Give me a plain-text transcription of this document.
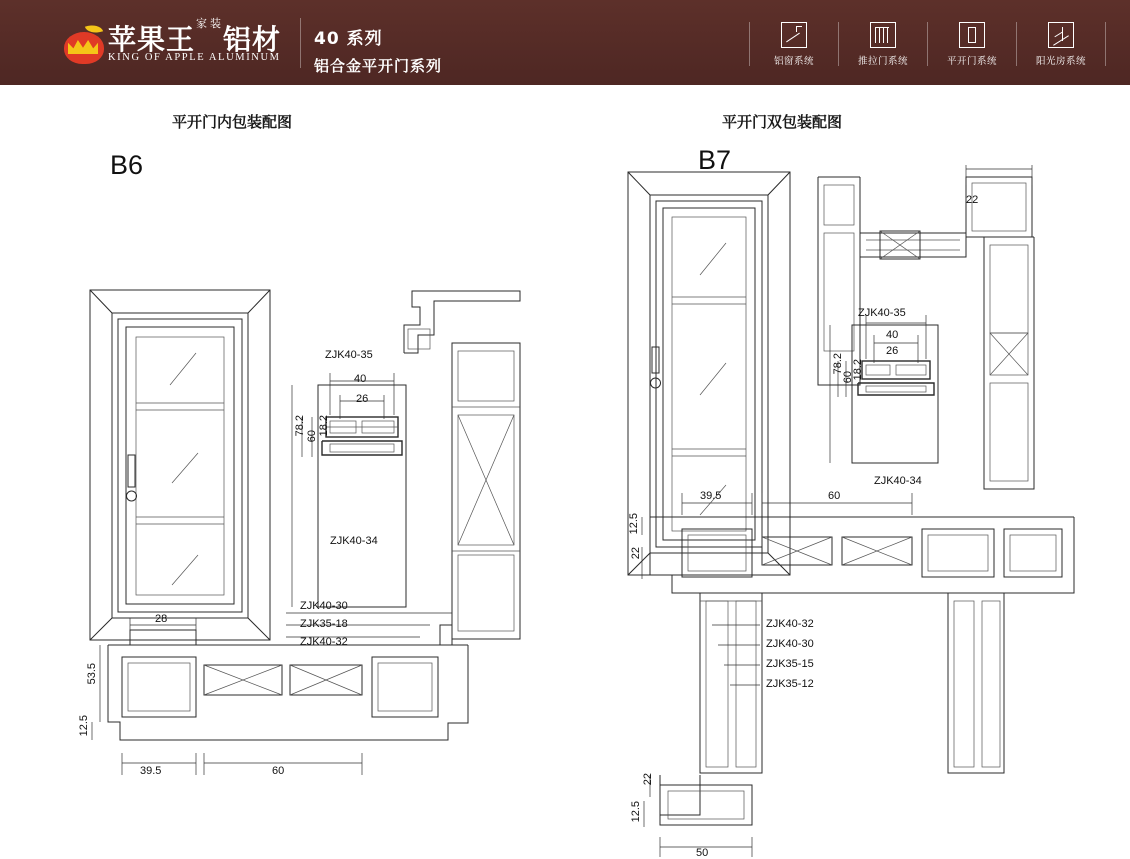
苹果王家 装铝材
KING OF APPLE ALUMINUM
40 系列
铝合金平开门系列	铝窗系统	推拉门系统	平开门系统	阳光房系统
平开门内包装配图	平开门双包装配图
B6	B7
ZJK40-35
40
26
18.2
60
78.2
ZJK40-34
ZJK40-30
ZJK35-18
ZJK40-32
28
53.5
12.5
39.5	60
22
ZJK40-35
40
26
18.2
60
78.2
ZJK40-34
ZJK40-32
ZJK40-30
ZJK35-15
ZJK35-12
39.5	60
12.5
22
22
12.5
50
